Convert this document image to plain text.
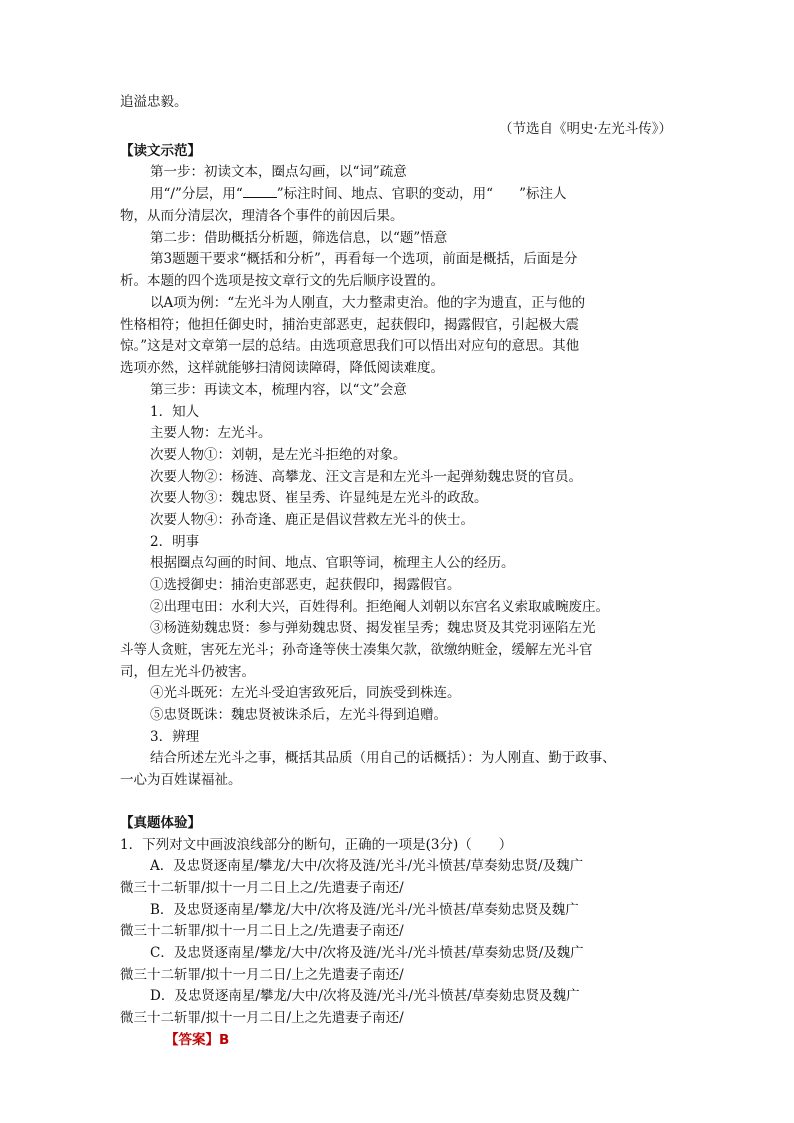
追溢忠毅。
（节选自《明史·左光斗传》）
【读文示范】
第一步：初读文本，圈点勾画，以“词”疏意
用“/”分层，用“	”标注时间、地点、官职的变动，用“ ”标注人
物，从而分清层次，理清各个事件的前因后果。
第二步：借助概括分析题，筛选信息，以“题”悟意
第3题题干要求“概括和分析”，再看每一个选项，前面是概括，后面是分
析。本题的四个选项是按文章行文的先后顺序设置的。
以A项为例：“左光斗为人刚直，大力整肃吏治。他的字为遗直，正与他的
性格相符；他担任御史时，捕治吏部恶吏，起获假印，揭露假官，引起极大震
惊。”这是对文章第一层的总结。由选项意思我们可以悟出对应句的意思。其他
选项亦然，这样就能够扫清阅读障碍，降低阅读难度。
第三步：再读文本，梳理内容，以“文”会意
1．知人
主要人物：左光斗。
次要人物①：刘朝，是左光斗拒绝的对象。
次要人物②：杨涟、高攀龙、汪文言是和左光斗一起弹劾魏忠贤的官员。
次要人物③：魏忠贤、崔呈秀、许显纯是左光斗的政敌。
次要人物④：孙奇逢、鹿正是倡议营救左光斗的侠士。
2．明事
根据圈点勾画的时间、地点、官职等词，梳理主人公的经历。
①选授御史：捕治吏部恶吏，起获假印，揭露假官。
②出理屯田：水利大兴，百姓得利。拒绝阉人刘朝以东宫名义索取戚畹废庄。
③杨涟劾魏忠贤：参与弹劾魏忠贤、揭发崔呈秀；魏忠贤及其党羽诬陷左光
斗等人贪赃，害死左光斗；孙奇逢等侠士凑集欠款，欲缴纳赃金，缓解左光斗官
司，但左光斗仍被害。
④光斗既死：左光斗受迫害致死后，同族受到株连。
⑤忠贤既诛：魏忠贤被诛杀后，左光斗得到追赠。
3．辨理
结合所述左光斗之事，概括其品质（用自己的话概括）：为人刚直、勤于政事、
一心为百姓谋福祉。
【真题体验】
1．下列对文中画波浪线部分的断句，正确的一项是(3分)（　　）
A．及忠贤逐南星/攀龙/大中/次将及涟/光斗/光斗愤甚/草奏劾忠贤/及魏广
微三十二斩罪/拟十一月二日上之/先遣妻子南还/
B．及忠贤逐南星/攀龙/大中/次将及涟/光斗/光斗愤甚/草奏劾忠贤及魏广
微三十二斩罪/拟十一月二日上之/先遣妻子南还/
C．及忠贤逐南星/攀龙/大中/次将及涟/光斗/光斗愤甚/草奏劾忠贤/及魏广
微三十二斩罪/拟十一月二日/上之先遣妻子南还/
D．及忠贤逐南星/攀龙/大中/次将及涟/光斗/光斗愤甚/草奏劾忠贤及魏广
微三十二斩罪/拟十一月二日/上之先遣妻子南还/
【答案】B
